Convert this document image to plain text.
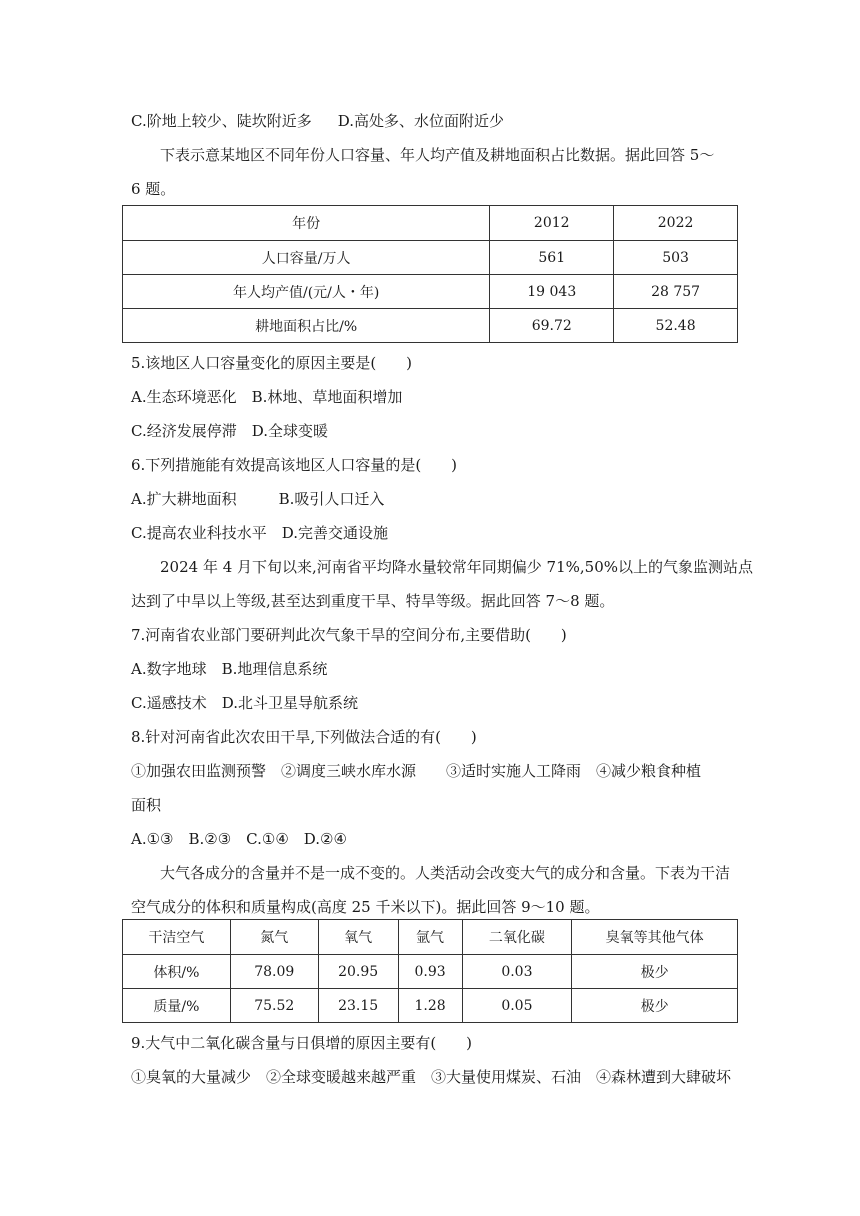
C.阶地上较少、陡坎附近多 D.高处多、水位面附近少
下表示意某地区不同年份人口容量、年人均产值及耕地面积占比数据。据此回答 5～
6 题。
年份	2012	2022
人口容量/万人	561	503
年人均产值/(元/人・年)	19 043	28 757
耕地面积占比/%	69.72	52.48
5.该地区人口容量变化的原因主要是(　　)
A.生态环境恶化　B.林地、草地面积增加
C.经济发展停滞　D.全球变暖
6.下列措施能有效提高该地区人口容量的是(　　)
A.扩大耕地面积	B.吸引人口迁入
C.提高农业科技水平　D.完善交通设施
2024 年 4 月下旬以来,河南省平均降水量较常年同期偏少 71%,50%以上的气象监测站点
达到了中旱以上等级,甚至达到重度干旱、特旱等级。据此回答 7～8 题。
7.河南省农业部门要研判此次气象干旱的空间分布,主要借助(　　)
A.数字地球　B.地理信息系统
C.遥感技术　D.北斗卫星导航系统
8.针对河南省此次农田干旱,下列做法合适的有(　　)
①加强农田监测预警　②调度三峡水库水源　　③适时实施人工降雨　④减少粮食种植
面积
A.①③　B.②③　C.①④　D.②④
大气各成分的含量并不是一成不变的。人类活动会改变大气的成分和含量。下表为干洁
空气成分的体积和质量构成(高度 25 千米以下)。据此回答 9～10 题。
干洁空气	氮气	氧气	氩气	二氧化碳	臭氧等其他气体
体积/%	78.09	20.95	0.93	0.03	极少
质量/%	75.52	23.15	1.28	0.05	极少
9.大气中二氧化碳含量与日俱增的原因主要有(　　)
①臭氧的大量减少　②全球变暖越来越严重　③大量使用煤炭、石油　④森林遭到大肆破坏
